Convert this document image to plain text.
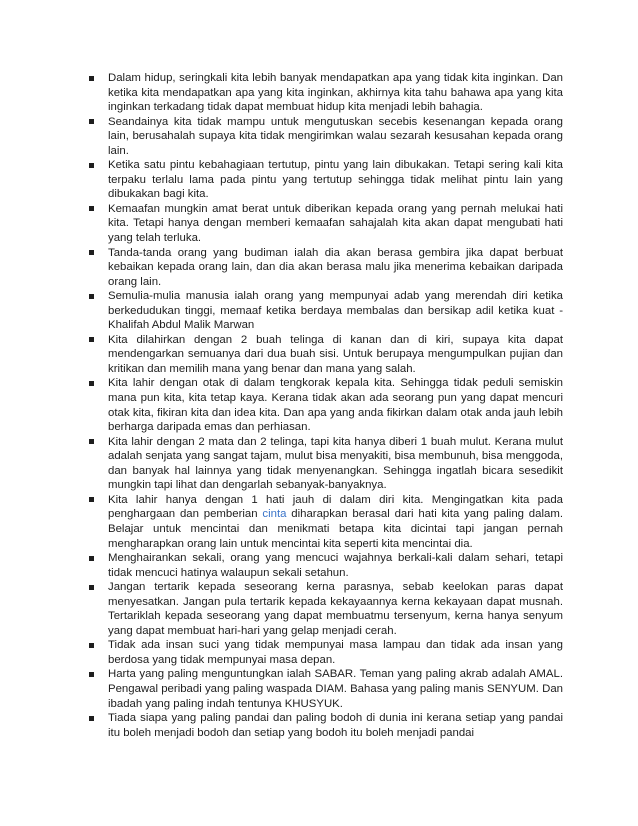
Dalam hidup, seringkali kita lebih banyak mendapatkan apa yang tidak kita inginkan. Dan ketika kita mendapatkan apa yang kita inginkan, akhirnya kita tahu bahawa apa yang kita inginkan terkadang tidak dapat membuat hidup kita menjadi lebih bahagia.
Seandainya kita tidak mampu untuk mengutuskan secebis kesenangan kepada orang lain, berusahalah supaya kita tidak mengirimkan walau sezarah kesusahan kepada orang lain.
Ketika satu pintu kebahagiaan tertutup, pintu yang lain dibukakan. Tetapi sering kali kita terpaku terlalu lama pada pintu yang tertutup sehingga tidak melihat pintu lain yang dibukakan bagi kita.
Kemaafan mungkin amat berat untuk diberikan kepada orang yang pernah melukai hati kita. Tetapi hanya dengan memberi kemaafan sahajalah kita akan dapat mengubati hati yang telah terluka.
Tanda-tanda orang yang budiman ialah dia akan berasa gembira jika dapat berbuat kebaikan kepada orang lain, dan dia akan berasa malu jika menerima kebaikan daripada orang lain.
Semulia-mulia manusia ialah orang yang mempunyai adab yang merendah diri ketika berkedudukan tinggi, memaaf ketika berdaya membalas dan bersikap adil ketika kuat -Khalifah Abdul Malik Marwan
Kita dilahirkan dengan 2 buah telinga di kanan dan di kiri, supaya kita dapat mendengarkan semuanya dari dua buah sisi. Untuk berupaya mengumpulkan pujian dan kritikan dan memilih mana yang benar dan mana yang salah.
Kita lahir dengan otak di dalam tengkorak kepala kita. Sehingga tidak peduli semiskin mana pun kita, kita tetap kaya. Kerana tidak akan ada seorang pun yang dapat mencuri otak kita, fikiran kita dan idea kita. Dan apa yang anda fikirkan dalam otak anda jauh lebih berharga daripada emas dan perhiasan.
Kita lahir dengan 2 mata dan 2 telinga, tapi kita hanya diberi 1 buah mulut. Kerana mulut adalah senjata yang sangat tajam, mulut bisa menyakiti, bisa membunuh, bisa menggoda, dan banyak hal lainnya yang tidak menyenangkan. Sehingga ingatlah bicara sesedikit mungkin tapi lihat dan dengarlah sebanyak-banyaknya.
Kita lahir hanya dengan 1 hati jauh di dalam diri kita. Mengingatkan kita pada penghargaan dan pemberian cinta diharapkan berasal dari hati kita yang paling dalam. Belajar untuk mencintai dan menikmati betapa kita dicintai tapi jangan pernah mengharapkan orang lain untuk mencintai kita seperti kita mencintai dia.
Menghairankan sekali, orang yang mencuci wajahnya berkali-kali dalam sehari, tetapi tidak mencuci hatinya walaupun sekali setahun.
Jangan tertarik kepada seseorang kerna parasnya, sebab keelokan paras dapat menyesatkan. Jangan pula tertarik kepada kekayaannya kerna kekayaan dapat musnah. Tertariklah kepada seseorang yang dapat membuatmu tersenyum, kerna hanya senyum yang dapat membuat hari-hari yang gelap menjadi cerah.
Tidak ada insan suci yang tidak mempunyai masa lampau dan tidak ada insan yang berdosa yang tidak mempunyai masa depan.
Harta yang paling menguntungkan ialah SABAR. Teman yang paling akrab adalah AMAL. Pengawal peribadi yang paling waspada DIAM. Bahasa yang paling manis SENYUM. Dan ibadah yang paling indah tentunya KHUSYUK.
Tiada siapa yang paling pandai dan paling bodoh di dunia ini kerana setiap yang pandai itu boleh menjadi bodoh dan setiap yang bodoh itu boleh menjadi pandai
